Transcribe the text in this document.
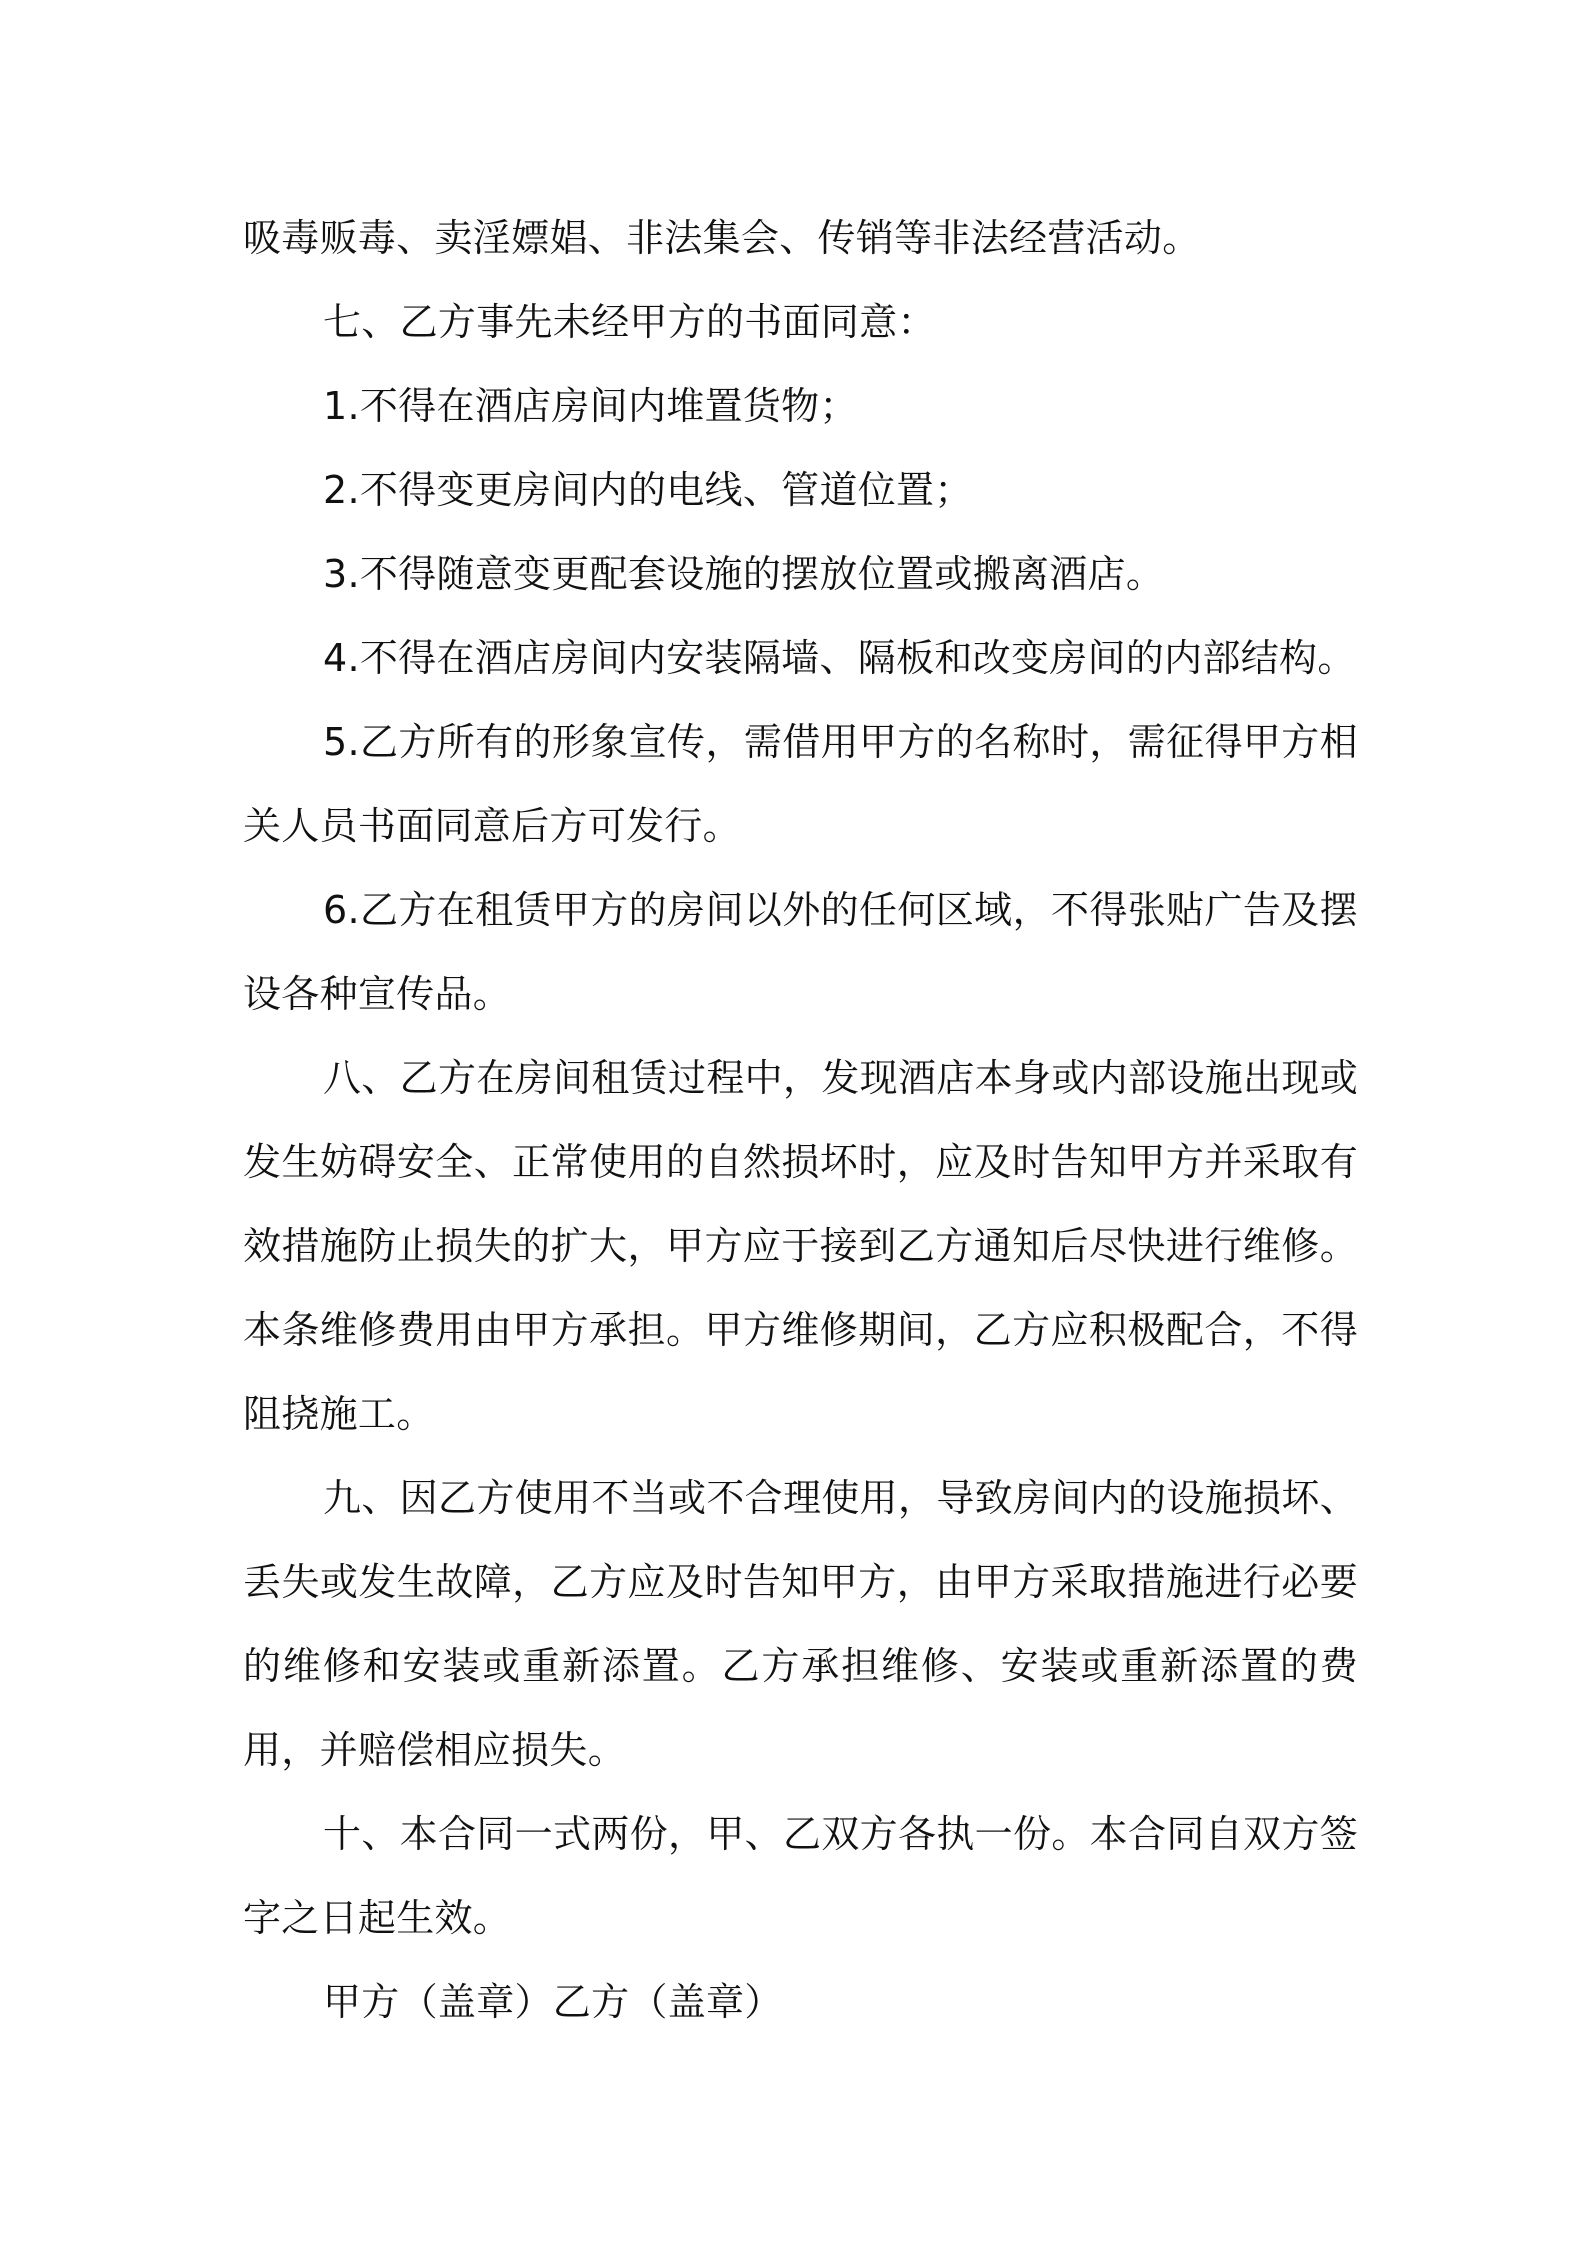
吸毒贩毒、卖淫嫖娼、非法集会、传销等非法经营活动。

七、乙方事先未经甲方的书面同意：

1.不得在酒店房间内堆置货物；

2.不得变更房间内的电线、管道位置；

3.不得随意变更配套设施的摆放位置或搬离酒店。

4.不得在酒店房间内安装隔墙、隔板和改变房间的内部结构。

5.乙方所有的形象宣传，需借用甲方的名称时，需征得甲方相关人员书面同意后方可发行。

6.乙方在租赁甲方的房间以外的任何区域，不得张贴广告及摆设各种宣传品。

八、乙方在房间租赁过程中，发现酒店本身或内部设施出现或发生妨碍安全、正常使用的自然损坏时，应及时告知甲方并采取有效措施防止损失的扩大，甲方应于接到乙方通知后尽快进行维修。本条维修费用由甲方承担。甲方维修期间，乙方应积极配合，不得阻挠施工。

九、因乙方使用不当或不合理使用，导致房间内的设施损坏、丢失或发生故障，乙方应及时告知甲方，由甲方采取措施进行必要的维修和安装或重新添置。乙方承担维修、安装或重新添置的费用，并赔偿相应损失。

十、本合同一式两份，甲、乙双方各执一份。本合同自双方签字之日起生效。

甲方（盖章）乙方（盖章）
